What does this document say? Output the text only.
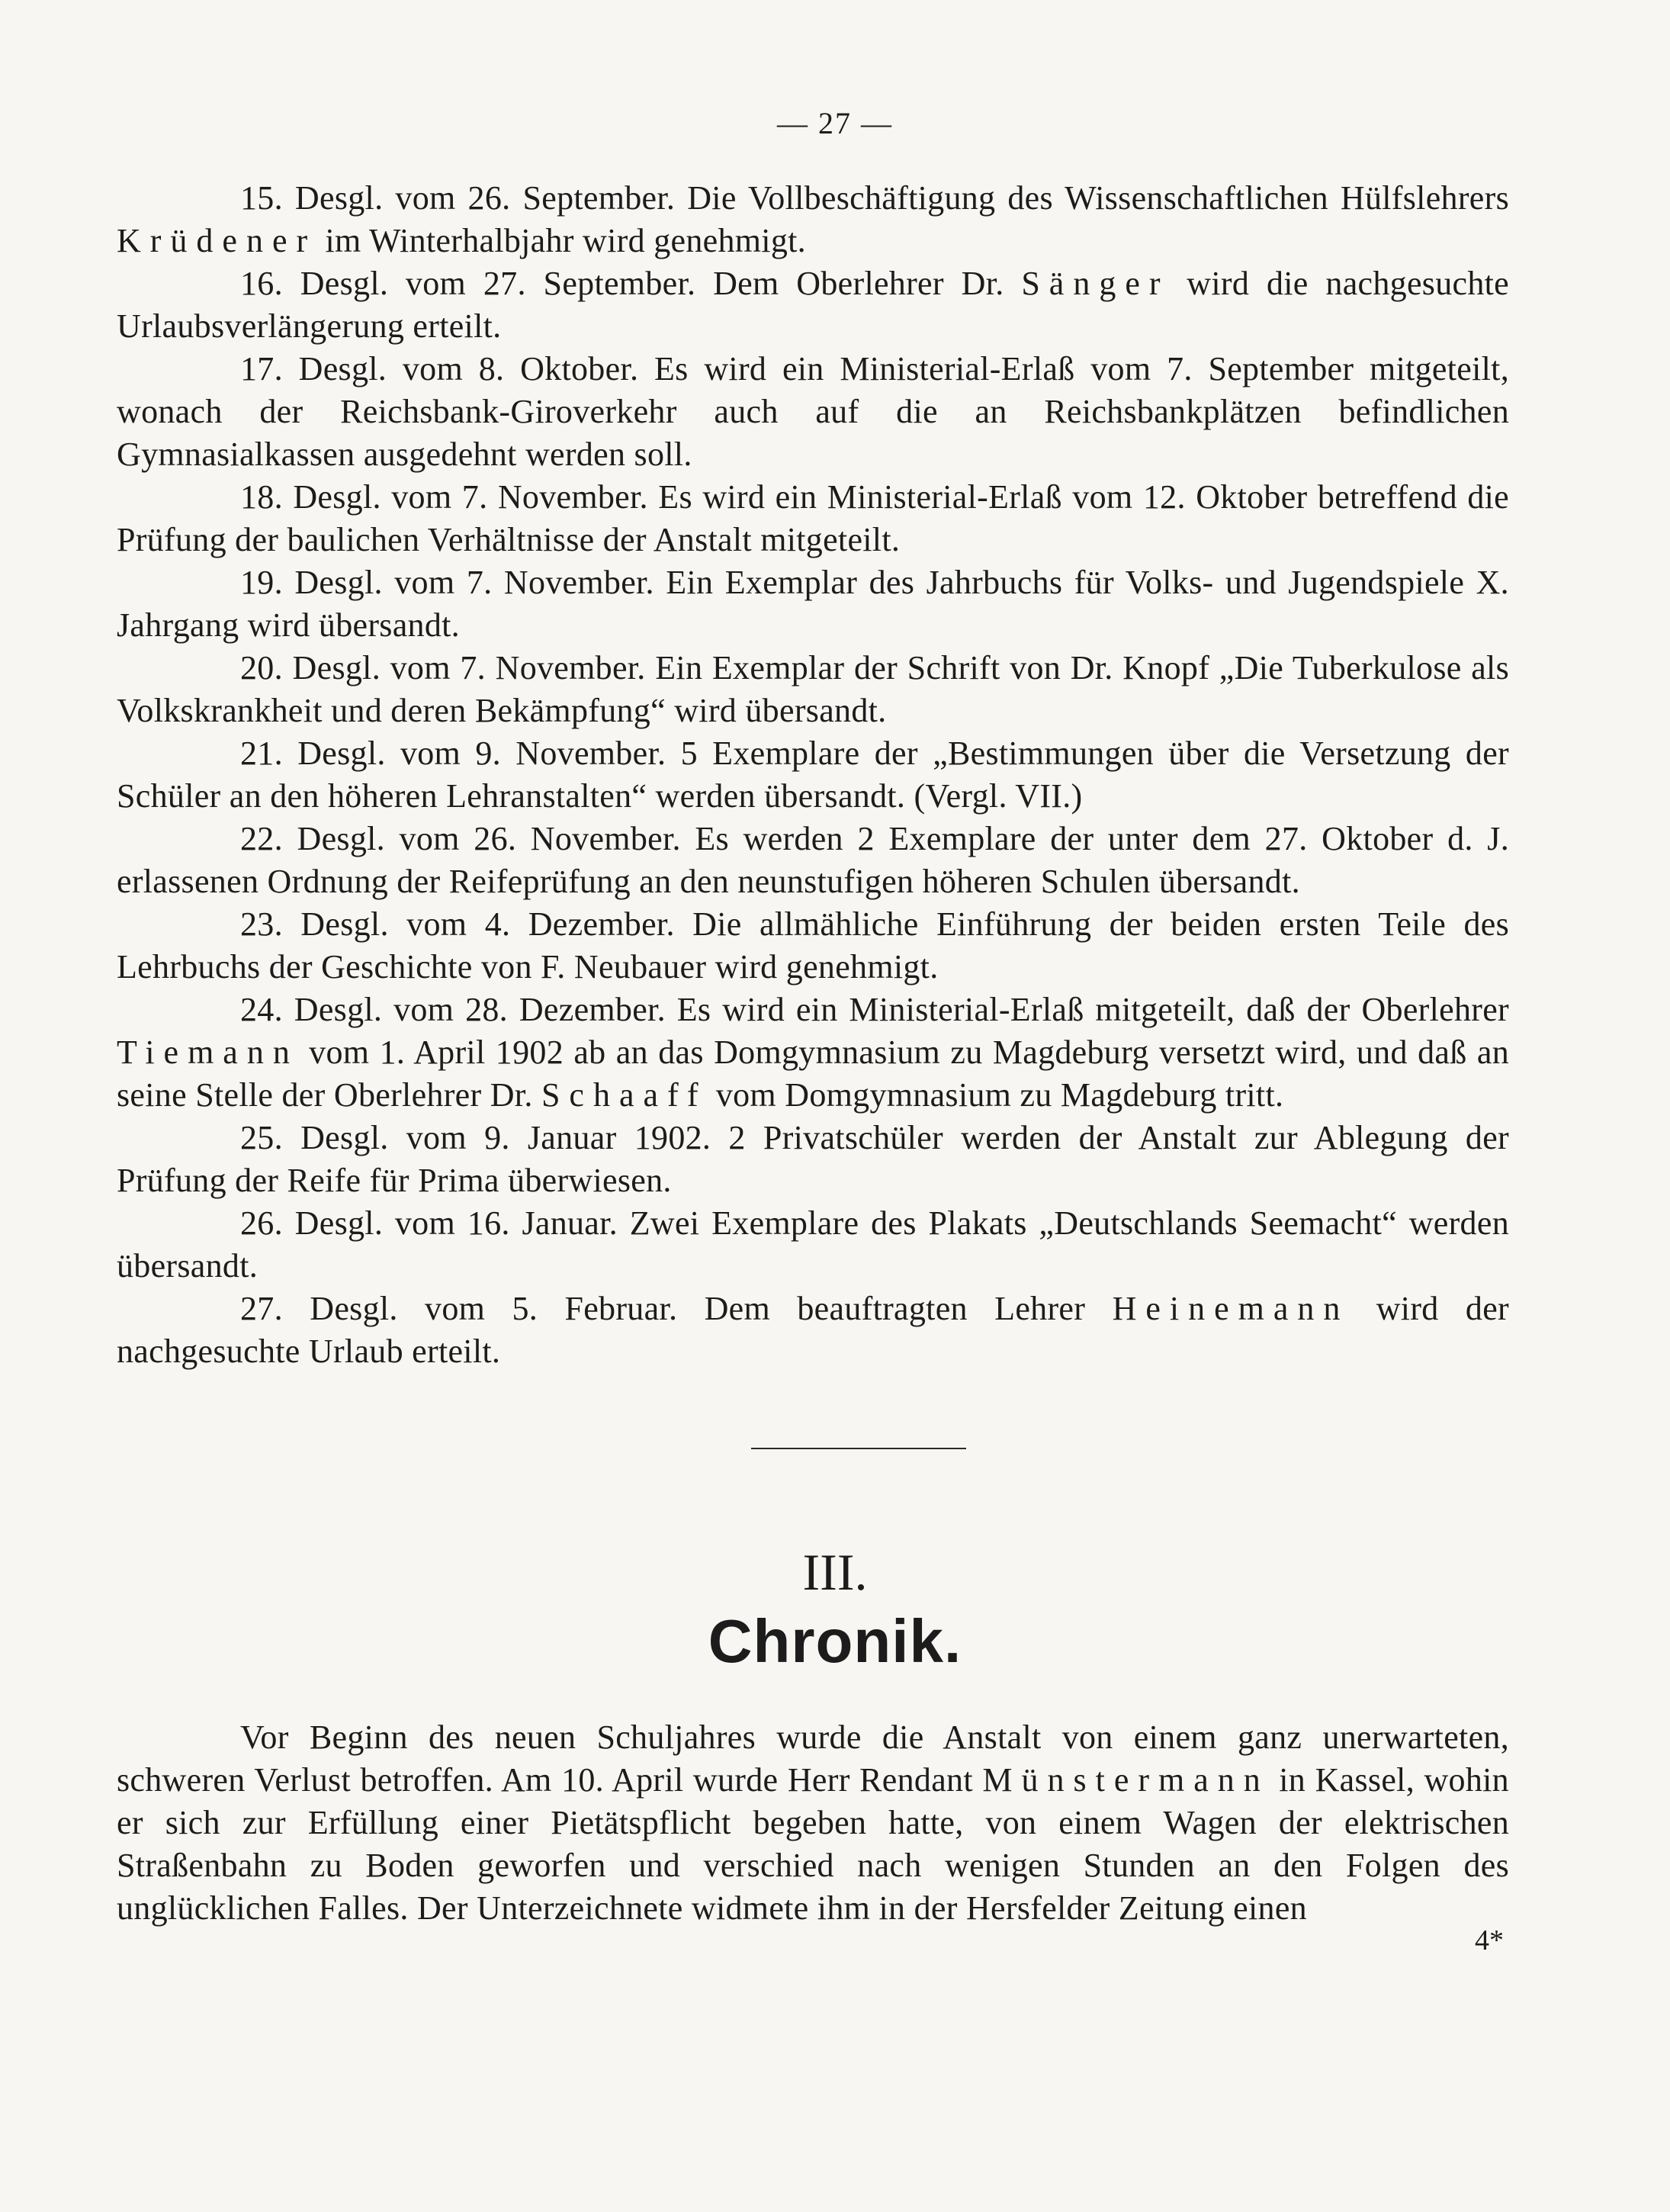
— 27 —

15. Desgl. vom 26. September. Die Vollbeschäftigung des Wissenschaftlichen Hülfslehrers Krüdener im Winterhalbjahr wird genehmigt.

16. Desgl. vom 27. September. Dem Oberlehrer Dr. Sänger wird die nachgesuchte Urlaubsverlängerung erteilt.

17. Desgl. vom 8. Oktober. Es wird ein Ministerial-Erlaß vom 7. September mitgeteilt, wonach der Reichsbank-Giroverkehr auch auf die an Reichsbankplätzen befindlichen Gymnasialkassen ausgedehnt werden soll.

18. Desgl. vom 7. November. Es wird ein Ministerial-Erlaß vom 12. Oktober betreffend die Prüfung der baulichen Verhältnisse der Anstalt mitgeteilt.

19. Desgl. vom 7. November. Ein Exemplar des Jahrbuchs für Volks- und Jugendspiele X. Jahrgang wird übersandt.

20. Desgl. vom 7. November. Ein Exemplar der Schrift von Dr. Knopf „Die Tuberkulose als Volkskrankheit und deren Bekämpfung“ wird übersandt.

21. Desgl. vom 9. November. 5 Exemplare der „Bestimmungen über die Versetzung der Schüler an den höheren Lehranstalten“ werden übersandt. (Vergl. VII.)

22. Desgl. vom 26. November. Es werden 2 Exemplare der unter dem 27. Oktober d. J. erlassenen Ordnung der Reifeprüfung an den neunstufigen höheren Schulen übersandt.

23. Desgl. vom 4. Dezember. Die allmähliche Einführung der beiden ersten Teile des Lehrbuchs der Geschichte von F. Neubauer wird genehmigt.

24. Desgl. vom 28. Dezember. Es wird ein Ministerial-Erlaß mitgeteilt, daß der Oberlehrer Tiemann vom 1. April 1902 ab an das Domgymnasium zu Magdeburg versetzt wird, und daß an seine Stelle der Oberlehrer Dr. Schaaff vom Domgymnasium zu Magdeburg tritt.

25. Desgl. vom 9. Januar 1902. 2 Privatschüler werden der Anstalt zur Ablegung der Prüfung der Reife für Prima überwiesen.

26. Desgl. vom 16. Januar. Zwei Exemplare des Plakats „Deutschlands Seemacht“ werden übersandt.

27. Desgl. vom 5. Februar. Dem beauftragten Lehrer Heinemann wird der nachgesuchte Urlaub erteilt.

III.
Chronik.

Vor Beginn des neuen Schuljahres wurde die Anstalt von einem ganz unerwarteten, schweren Verlust betroffen. Am 10. April wurde Herr Rendant Münstermann in Kassel, wohin er sich zur Erfüllung einer Pietätspflicht begeben hatte, von einem Wagen der elektrischen Straßenbahn zu Boden geworfen und verschied nach wenigen Stunden an den Folgen des unglücklichen Falles. Der Unterzeichnete widmete ihm in der Hersfelder Zeitung einen

4*
